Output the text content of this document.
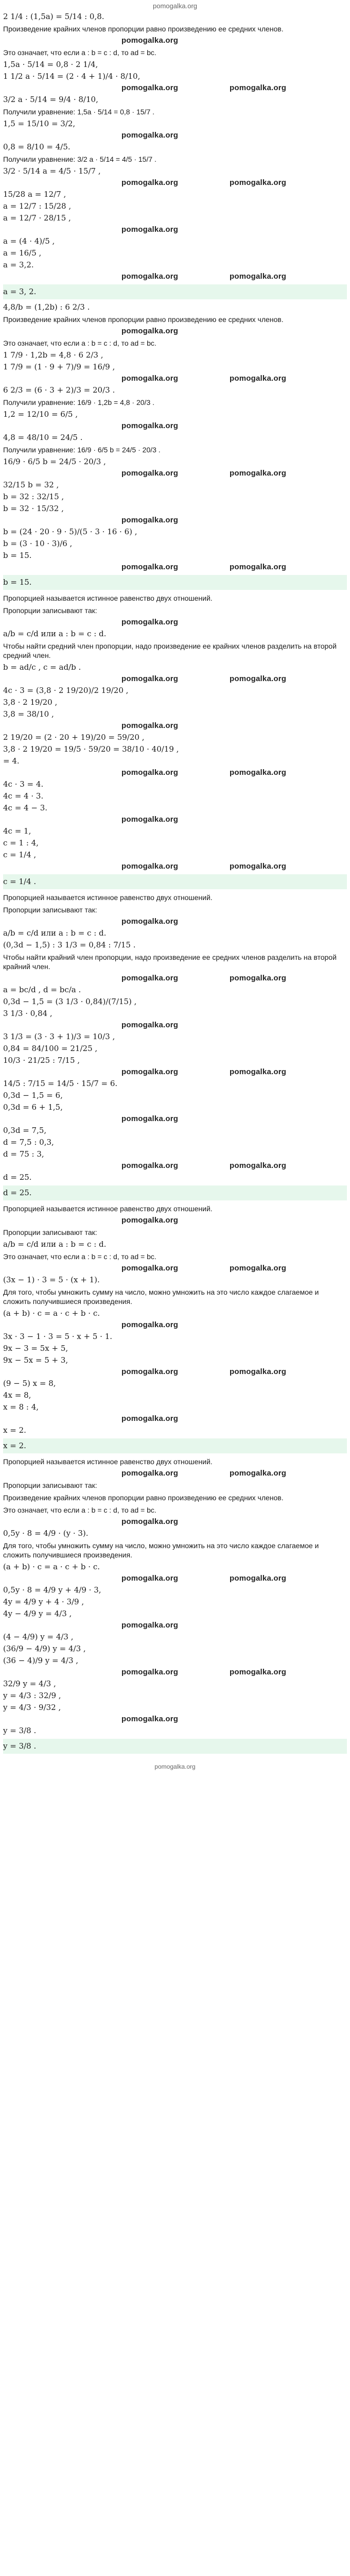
pomogalka.org
2 1/4 : (1,5a) = 5/14 : 0,8.
Произведение крайних членов пропорции равно произведению ее средних членов.
pomogalka.org
Это означает, что если a : b = c : d, то ad = bc.
1,5a · 5/14 = 0,8 · 2 1/4,
1 1/2 a · 5/14 = (2 · 4 + 1)/4 · 8/10,
pomogalka.org	pomogalka.org
3/2 a · 5/14 = 9/4 · 8/10,
Получили уравнение: 1,5a · 5/14 = 0,8 · 15/7 .
1,5 = 15/10 = 3/2,
pomogalka.org
0,8 = 8/10 = 4/5.
Получили уравнение: 3/2 a · 5/14 = 4/5 · 15/7 .
3/2 · 5/14 a = 4/5 · 15/7 ,
pomogalka.org	pomogalka.org
15/28 a = 12/7 ,
a = 12/7 : 15/28 ,
a = 12/7 · 28/15 ,
pomogalka.org
a = (4 · 4)/5 ,
a = 16/5 ,
a = 3,2.
pomogalka.org	pomogalka.org
a = 3, 2.
4,8/b = (1,2b) : 6 2/3 .
Произведение крайних членов пропорции равно произведению ее средних членов.
pomogalka.org
Это означает, что если a : b = c : d, то ad = bc.
1 7/9 · 1,2b = 4,8 · 6 2/3 ,
1 7/9 = (1 · 9 + 7)/9 = 16/9 ,
pomogalka.org	pomogalka.org
6 2/3 = (6 · 3 + 2)/3 = 20/3 .
Получили уравнение: 16/9 · 1,2b = 4,8 · 20/3 .
1,2 = 12/10 = 6/5 ,
pomogalka.org
4,8 = 48/10 = 24/5 .
Получили уравнение: 16/9 · 6/5 b = 24/5 · 20/3 .
16/9 · 6/5 b = 24/5 · 20/3 ,
pomogalka.org	pomogalka.org
32/15 b = 32 ,
b = 32 : 32/15 ,
b = 32 · 15/32 ,
pomogalka.org
b = (24 · 20 · 9 · 5)/(5 · 3 · 16 · 6) ,
b = (3 · 10 · 3)/6 ,
b = 15.
pomogalka.org	pomogalka.org
b = 15.
Пропорцией называется истинное равенство двух отношений.
Пропорции записывают так:
pomogalka.org
a/b = c/d или a : b = c : d.
Чтобы найти средний член пропорции, надо произведение ее крайних членов разделить на второй средний член.
b = ad/c , c = ad/b .
pomogalka.org	pomogalka.org
4c · 3 = (3,8 · 2 19/20)/2 19/20 ,
3,8 · 2 19/20 ,
3,8 = 38/10 ,
pomogalka.org
2 19/20 = (2 · 20 + 19)/20 = 59/20 ,
3,8 · 2 19/20 = 19/5 · 59/20 = 38/10 · 40/19 ,
= 4.
pomogalka.org	pomogalka.org
4c · 3 = 4.
4c = 4 · 3.
4c = 4 − 3.
pomogalka.org
4c = 1,
c = 1 : 4,
c = 1/4 ,
pomogalka.org	pomogalka.org
c = 1/4 .
Пропорцией называется истинное равенство двух отношений.
Пропорции записывают так:
pomogalka.org
a/b = c/d или a : b = c : d.
(0,3d − 1,5) : 3 1/3 = 0,84 : 7/15 .
Чтобы найти крайний член пропорции, надо произведение ее средних членов разделить на второй крайний член.
pomogalka.org	pomogalka.org
a = bc/d , d = bc/a .
0,3d − 1,5 = (3 1/3 · 0,84)/(7/15) ,
3 1/3 · 0,84 ,
pomogalka.org
3 1/3 = (3 · 3 + 1)/3 = 10/3 ,
0,84 = 84/100 = 21/25 ,
10/3 · 21/25 : 7/15 ,
pomogalka.org	pomogalka.org
14/5 : 7/15 = 14/5 · 15/7 = 6.
0,3d − 1,5 = 6,
0,3d = 6 + 1,5,
pomogalka.org
0,3d = 7,5,
d = 7,5 : 0,3,
d = 75 : 3,
pomogalka.org	pomogalka.org
d = 25.
d = 25.
Пропорцией называется истинное равенство двух отношений.
pomogalka.org
Пропорции записывают так:
a/b = c/d или a : b = c : d.
Это означает, что если a : b = c : d, то ad = bc.
pomogalka.org	pomogalka.org
(3x − 1) · 3 = 5 · (x + 1).
Для того, чтобы умножить сумму на число, можно умножить на это число каждое слагаемое и сложить получившиеся произведения.
(a + b) · c = a · c + b · c.
pomogalka.org
3x · 3 − 1 · 3 = 5 · x + 5 · 1.
9x − 3 = 5x + 5,
9x − 5x = 5 + 3,
pomogalka.org	pomogalka.org
(9 − 5) x = 8,
4x = 8,
x = 8 : 4,
pomogalka.org
x = 2.
x = 2.
Пропорцией называется истинное равенство двух отношений.
pomogalka.org	pomogalka.org
Пропорции записывают так:
Произведение крайних членов пропорции равно произведению ее средних членов.
Это означает, что если a : b = c : d, то ad = bc.
pomogalka.org
0,5y · 8 = 4/9 · (y · 3).
Для того, чтобы умножить сумму на число, можно умножить на это число каждое слагаемое и сложить получившиеся произведения.
(a + b) · c = a · c + b · c.
pomogalka.org	pomogalka.org
0,5y · 8 = 4/9 y + 4/9 · 3,
4y = 4/9 y + 4 · 3/9 ,
4y − 4/9 y = 4/3 ,
pomogalka.org
(4 − 4/9) y = 4/3 ,
(36/9 − 4/9) y = 4/3 ,
(36 − 4)/9 y = 4/3 ,
pomogalka.org	pomogalka.org
32/9 y = 4/3 ,
y = 4/3 : 32/9 ,
y = 4/3 · 9/32 ,
pomogalka.org
y = 3/8 .
y = 3/8 .
pomogalka.org
